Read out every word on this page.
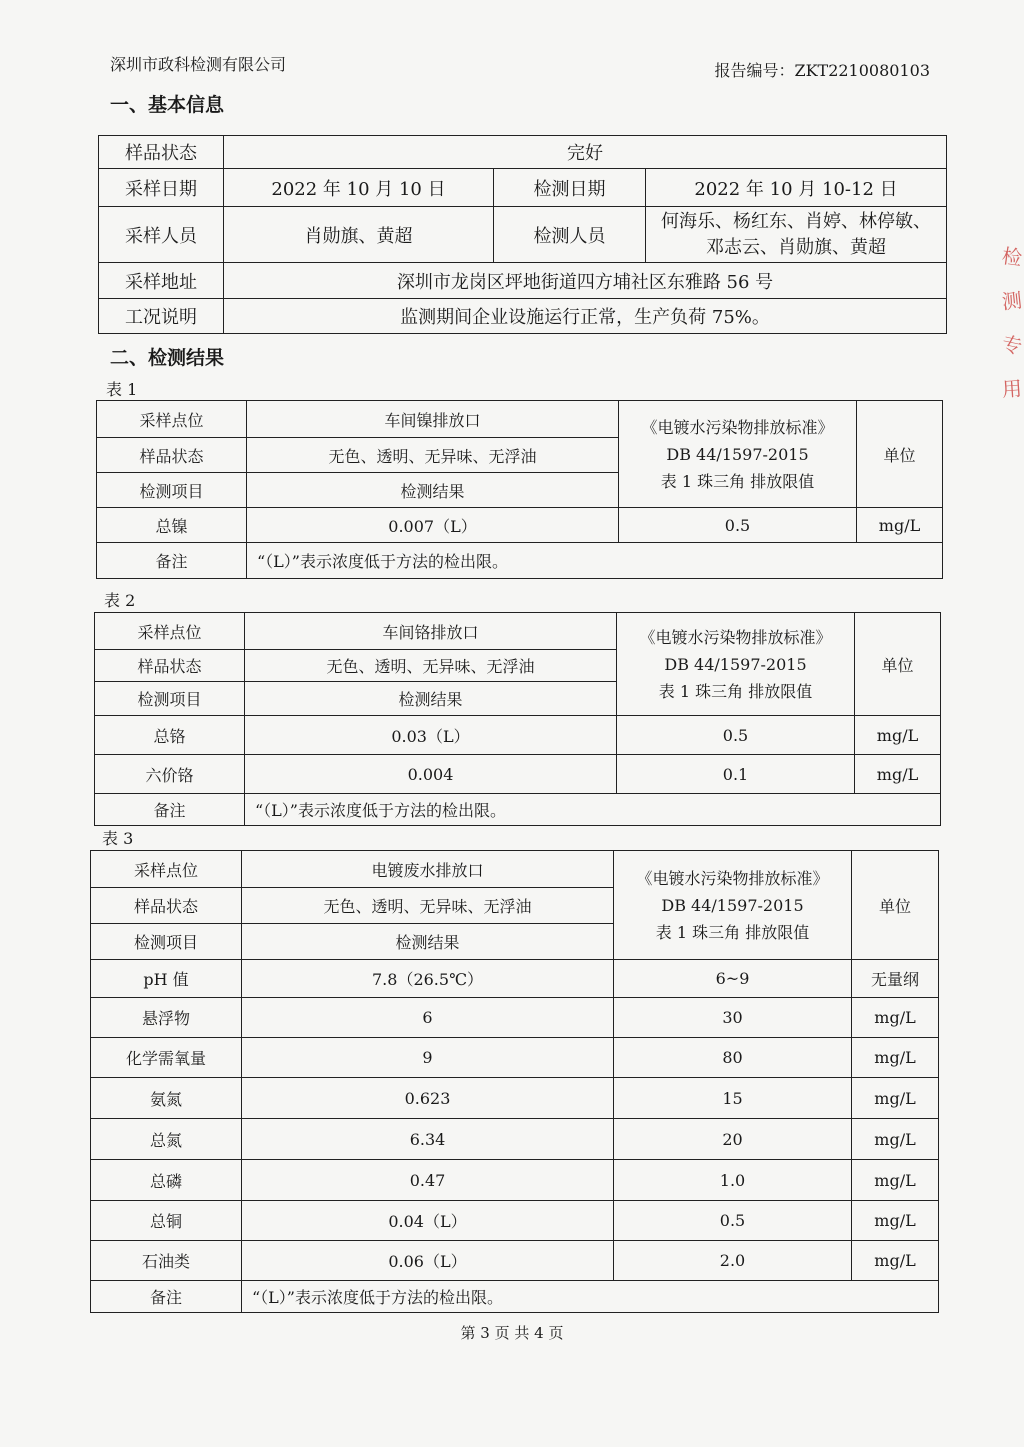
深圳市政科检测有限公司	报告编号：ZKT2210080103
一、基本信息
样品状态	完好		
采样日期	2022 年 10 月 10 日	检测日期	2022 年 10 月 10-12 日
采样人员	肖勋旗、黄超	检测人员	何海乐、杨红东、肖婷、林停敏、
邓志云、肖勋旗、黄超

采样地址	深圳市龙岗区坪地街道四方埔社区东雅路 56 号		
工况说明	监测期间企业设施运行正常，生产负荷 75%。		
二、检测结果
表 1
采样点位	车间镍排放口	《电镀水污染物排放标准》
DB 44/1597-2015
表 1 珠三角 排放限值	单位
样品状态	无色、透明、无异味、无浮油		
检测项目	检测结果		
总镍	0.007（L）	0.5	mg/L
备注	“（L）”表示浓度低于方法的检出限。		
表 2
采样点位	车间铬排放口	《电镀水污染物排放标准》
DB 44/1597-2015
表 1 珠三角 排放限值	单位
样品状态	无色、透明、无异味、无浮油		
检测项目	检测结果		
总铬	0.03（L）	0.5	mg/L
六价铬	0.004	0.1	mg/L
备注	“（L）”表示浓度低于方法的检出限。		
表 3
采样点位	电镀废水排放口	《电镀水污染物排放标准》
DB 44/1597-2015
表 1 珠三角 排放限值	单位
样品状态	无色、透明、无异味、无浮油		
检测项目	检测结果		
pH 值	7.8（26.5℃）	6~9	无量纲
悬浮物	6	30	mg/L
化学需氧量	9	80	mg/L
氨氮	0.623	15	mg/L
总氮	6.34	20	mg/L
总磷	0.47	1.0	mg/L
总铜	0.04（L）	0.5	mg/L
石油类	0.06（L）	2.0	mg/L
备注	“（L）”表示浓度低于方法的检出限。		
第 3 页 共 4 页
检
测
专
用
